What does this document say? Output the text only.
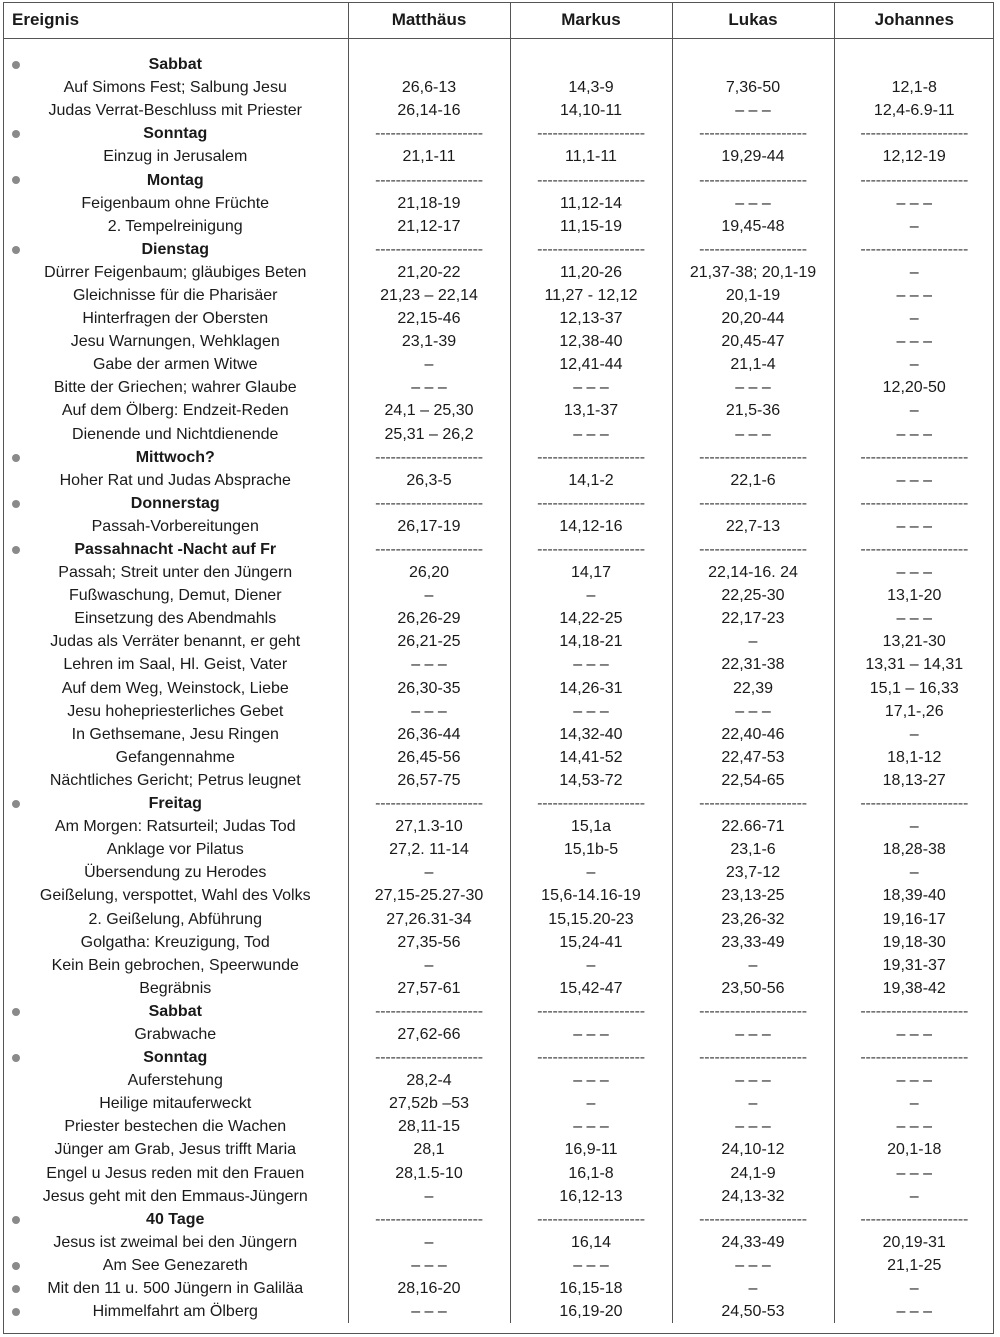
Ereignis	Matthäus	Markus	Lukas	Johannes

Sabbat				
Auf Simons Fest; Salbung Jesu	26,6-13	14,3-9	7,36-50	12,1-8
Judas Verrat-Beschluss mit Priester	26,14-16	14,10-11	– – –	12,4-6.9-11

Sonntag	---------------------	---------------------	---------------------	---------------------
Einzug in Jerusalem	21,1-11	11,1-11	19,29-44	12,12-19

Montag	---------------------	---------------------	---------------------	---------------------
Feigenbaum ohne Früchte	21,18-19	11,12-14	– – –	– – –
2. Tempelreinigung	21,12-17	11,15-19	19,45-48	–

Dienstag	---------------------	---------------------	---------------------	---------------------
Dürrer Feigenbaum; gläubiges Beten	21,20-22	11,20-26	21,37-38; 20,1-19	–
Gleichnisse für die Pharisäer	21,23 – 22,14	11,27 - 12,12	20,1-19	– – –
Hinterfragen der Obersten	22,15-46	12,13-37	20,20-44	–
Jesu Warnungen, Wehklagen	23,1-39	12,38-40	20,45-47	– – –
Gabe der armen Witwe	–	12,41-44	21,1-4	–
Bitte der Griechen; wahrer Glaube	– – –	– – –	– – –	12,20-50
Auf dem Ölberg: Endzeit-Reden	24,1 – 25,30	13,1-37	21,5-36	–
Dienende und Nichtdienende	25,31 – 26,2	– – –	– – –	– – –

Mittwoch?	---------------------	---------------------	---------------------	---------------------
Hoher Rat und Judas Absprache	26,3-5	14,1-2	22,1-6	– – –

Donnerstag	---------------------	---------------------	---------------------	---------------------
Passah-Vorbereitungen	26,17-19	14,12-16	22,7-13	– – –

Passahnacht -Nacht auf Fr	---------------------	---------------------	---------------------	---------------------
Passah; Streit unter den Jüngern	26,20	14,17	22,14-16. 24	– – –
Fußwaschung, Demut, Diener	–	–	22,25-30	13,1-20
Einsetzung des Abendmahls	26,26-29	14,22-25	22,17-23	– – –
Judas als Verräter benannt, er geht	26,21-25	14,18-21	–	13,21-30
Lehren im Saal, Hl. Geist, Vater	– – –	– – –	22,31-38	13,31 – 14,31
Auf dem Weg, Weinstock, Liebe	26,30-35	14,26-31	22,39	15,1 – 16,33
Jesu hohepriesterliches Gebet	– – –	– – –	– – –	17,1-,26
In Gethsemane, Jesu Ringen	26,36-44	14,32-40	22,40-46	–
Gefangennahme	26,45-56	14,41-52	22,47-53	18,1-12
Nächtliches Gericht; Petrus leugnet	26,57-75	14,53-72	22,54-65	18,13-27

Freitag	---------------------	---------------------	---------------------	---------------------
Am Morgen: Ratsurteil; Judas Tod	27,1.3-10	15,1a	22.66-71	–
Anklage vor Pilatus	27,2. 11-14	15,1b-5	23,1-6	18,28-38
Übersendung zu Herodes	–	–	23,7-12	–
Geißelung, verspottet, Wahl des Volks	27,15-25.27-30	15,6-14.16-19	23,13-25	18,39-40
2. Geißelung, Abführung	27,26.31-34	15,15.20-23	23,26-32	19,16-17
Golgatha: Kreuzigung, Tod	27,35-56	15,24-41	23,33-49	19,18-30
Kein Bein gebrochen, Speerwunde	–	–	–	19,31-37
Begräbnis	27,57-61	15,42-47	23,50-56	19,38-42

Sabbat	---------------------	---------------------	---------------------	---------------------
Grabwache	27,62-66	– – –	– – –	– – –

Sonntag	---------------------	---------------------	---------------------	---------------------
Auferstehung	28,2-4	– – –	– – –	– – –
Heilige mitauferweckt	27,52b –53	–	–	–
Priester bestechen die Wachen	28,11-15	– – –	– – –	– – –
Jünger am Grab, Jesus trifft Maria	28,1	16,9-11	24,10-12	20,1-18
Engel u Jesus reden mit den Frauen	28,1.5-10	16,1-8	24,1-9	– – –
Jesus geht mit den Emmaus-Jüngern	–	16,12-13	24,13-32	–

40 Tage	---------------------	---------------------	---------------------	---------------------
Jesus ist zweimal bei den Jüngern	–	16,14	24,33-49	20,19-31

Am See Genezareth	– – –	– – –	– – –	21,1-25

Mit den 11 u. 500 Jüngern in Galiläa	28,16-20	16,15-18	–	–

Himmelfahrt am Ölberg	– – –	16,19-20	24,50-53	– – –
